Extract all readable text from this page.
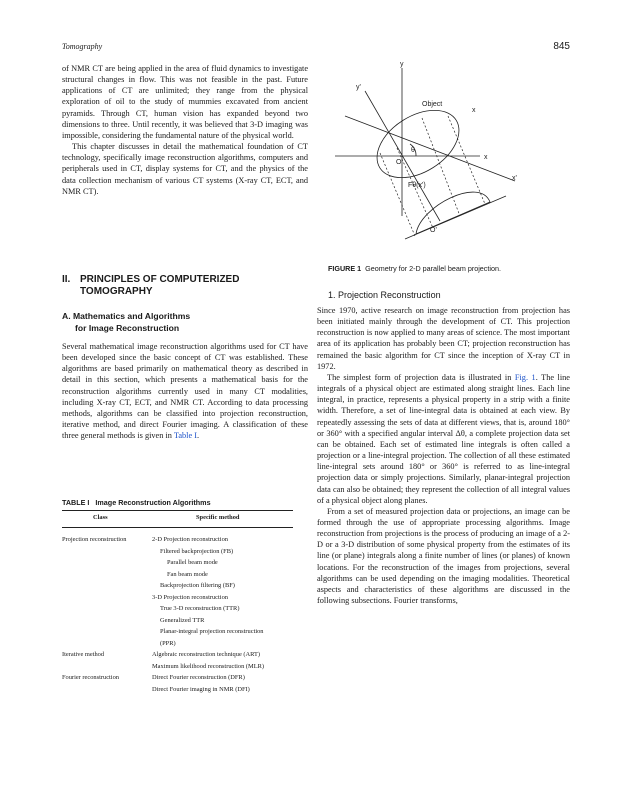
Tomography	845

of NMR CT are being applied in the area of fluid dynamics to investigate structural changes in flow. This was not feasible in the past. Future applications of CT are unlimited; they range from the physical exploration of oil to the study of mummies excavated from ancient pyramids. Through CT, human vision has expanded beyond two dimensions to three. Until recently, it was believed that 3-D imaging was impossible, considering the fundamental nature of the physical world.

This chapter discusses in detail the mathematical foundation of CT technology, specifically image reconstruction algorithms, computers and peripherals used in CT, display systems for CT, and the physics of the data collection mechanism of various CT systems (X-ray CT, ECT, and NMR CT).

II. PRINCIPLES OF COMPUTERIZED
TOMOGRAPHY
A. Mathematics and Algorithms
for Image Reconstruction

Several mathematical image reconstruction algorithms used for CT have been developed since the basic concept of CT was established. These algorithms are based primarily on mathematical theory as described in detail in this section, which presents a mathematical basis for the reconstruction algorithms currently used in many CT modalities, including X-ray CT, ECT, and NMR CT. According to data processing methods, algorithms can be classified into projection reconstruction, iterative method, and direct Fourier imaging. A classification of these three general methods is given in Table I.

TABLE I Image Reconstruction Algorithms
Class	Specific method
Projection reconstruction	2-D Projection reconstruction
Filtered backprojection (FB)
Parallel beam mode
Fan beam mode
Backprojection filtering (BF)
3-D Projection reconstruction
True 3-D reconstruction (TTR)
Generalized TTR
Planar-integral projection reconstruction
(PPR)
Iterative method	Algebraic reconstruction technique (ART)
Maximum likelihood reconstruction (MLR)
Fourier reconstruction	Direct Fourier reconstruction (DFR)
Direct Fourier imaging in NMR (DFI)
y
y'
x
x
x'
Object
θ
O
Fθ(x')
O'
FIGURE 1 Geometry for 2-D parallel beam projection.
1. Projection Reconstruction

Since 1970, active research on image reconstruction from projection has been initiated mainly through the development of CT. This projection reconstruction is now applied to many areas of science. The most important area of its application has probably been CT; projection reconstruction has remained the basic algorithm for CT since the inception of X-ray CT in 1972.

The simplest form of projection data is illustrated in Fig. 1. The line integrals of a physical object are estimated along straight lines. Each line integral, in practice, represents a physical property in a strip with a finite width. Therefore, a set of line-integral data is obtained at each view. By repeatedly assessing the sets of data at different views, that is, around 180° or 360° with a specified angular interval Δθ, a complete projection data set can be obtained. Each set of estimated line integrals is often called a projection or a line-integral projection. The collection of all these estimated line-integral sets around 180° or 360° is referred to as line-integral projection data or simply projections. Similarly, planar-integral projection data can also be obtained; they represent the collection of all integral values of a physical object along planes.

From a set of measured projection data or projections, an image can be formed through the use of appropriate processing algorithms. Image reconstruction from projections is the process of producing an image of a 2-D or a 3-D distribution of some physical property from the estimates of its line (or plane) integrals along a finite number of lines (or planes) of known locations. For the reconstruction of the images from projections, several algorithms can be used depending on the imaging modalities. Theoretical aspects and characteristics of these algorithms are discussed in the following subsections. Fourier transforms,
